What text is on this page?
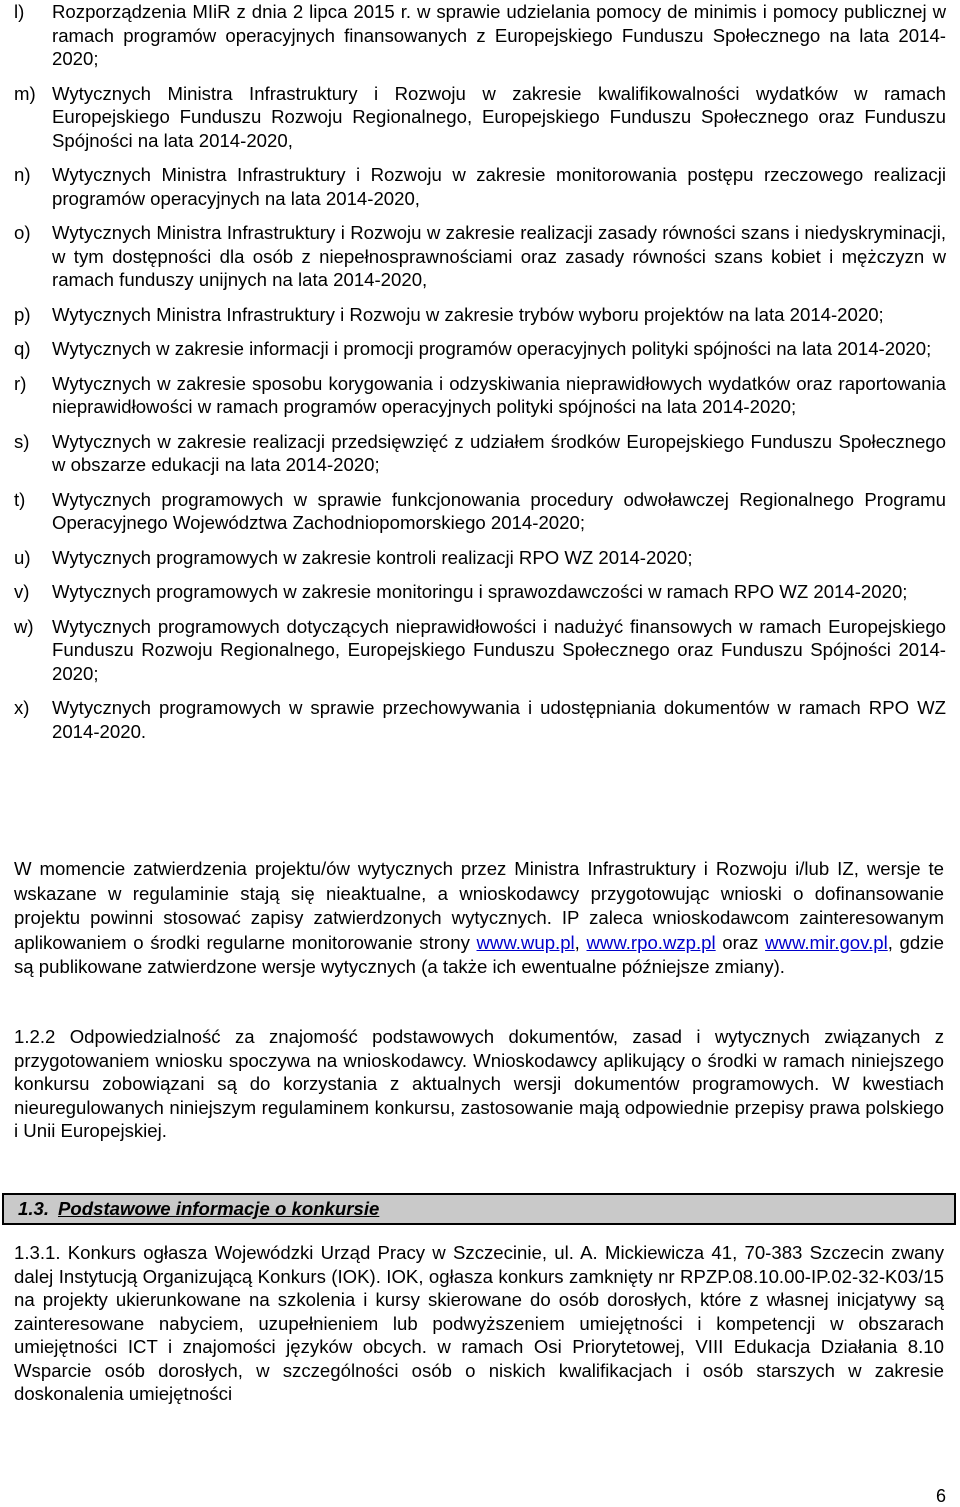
l) Rozporządzenia MIiR z dnia 2 lipca 2015 r. w sprawie udzielania pomocy de minimis i pomocy publicznej w ramach programów operacyjnych finansowanych z Europejskiego Funduszu Społecznego na lata 2014-2020;
m) Wytycznych Ministra Infrastruktury i Rozwoju w zakresie kwalifikowalności wydatków w ramach Europejskiego Funduszu Rozwoju Regionalnego, Europejskiego Funduszu Społecznego oraz Funduszu Spójności na lata 2014-2020,
n) Wytycznych Ministra Infrastruktury i Rozwoju w zakresie monitorowania postępu rzeczowego realizacji programów operacyjnych na lata 2014-2020,
o) Wytycznych Ministra Infrastruktury i Rozwoju w zakresie realizacji zasady równości szans i niedyskryminacji, w tym dostępności dla osób z niepełnosprawnościami oraz zasady równości szans kobiet i mężczyzn w ramach funduszy unijnych na lata 2014-2020,
p) Wytycznych Ministra Infrastruktury i Rozwoju w zakresie trybów wyboru projektów na lata 2014-2020;
q) Wytycznych w zakresie informacji i promocji programów operacyjnych polityki spójności na lata 2014-2020;
r) Wytycznych w zakresie sposobu korygowania i odzyskiwania nieprawidłowych wydatków oraz raportowania nieprawidłowości w ramach programów operacyjnych polityki spójności na lata 2014-2020;
s) Wytycznych w zakresie realizacji przedsięwzięć z udziałem środków Europejskiego Funduszu Społecznego w obszarze edukacji na lata 2014-2020;
t) Wytycznych programowych w sprawie funkcjonowania procedury odwoławczej Regionalnego Programu Operacyjnego Województwa Zachodniopomorskiego 2014-2020;
u) Wytycznych programowych w zakresie kontroli realizacji RPO WZ 2014-2020;
v) Wytycznych programowych w zakresie monitoringu i sprawozdawczości w ramach RPO WZ 2014-2020;
w) Wytycznych programowych dotyczących nieprawidłowości i nadużyć finansowych w ramach Europejskiego Funduszu Rozwoju Regionalnego, Europejskiego Funduszu Społecznego oraz Funduszu Spójności 2014-2020;
x) Wytycznych programowych w sprawie przechowywania i udostępniania dokumentów w ramach RPO WZ 2014-2020.

W momencie zatwierdzenia projektu/ów wytycznych przez Ministra Infrastruktury i Rozwoju i/lub IZ, wersje te wskazane w regulaminie stają się nieaktualne, a wnioskodawcy przygotowując wnioski o dofinansowanie projektu powinni stosować zapisy zatwierdzonych wytycznych. IP zaleca wnioskodawcom zainteresowanym aplikowaniem o środki regularne monitorowanie strony www.wup.pl, www.rpo.wzp.pl oraz www.mir.gov.pl, gdzie są publikowane zatwierdzone wersje wytycznych (a także ich ewentualne późniejsze zmiany).

1.2.2 Odpowiedzialność za znajomość podstawowych dokumentów, zasad i wytycznych związanych z przygotowaniem wniosku spoczywa na wnioskodawcy. Wnioskodawcy aplikujący o środki w ramach niniejszego konkursu zobowiązani są do korzystania z aktualnych wersji dokumentów programowych. W kwestiach nieuregulowanych niniejszym regulaminem konkursu, zastosowanie mają odpowiednie przepisy prawa polskiego i Unii Europejskiej.

1.3. Podstawowe informacje o konkursie

1.3.1. Konkurs ogłasza Wojewódzki Urząd Pracy w Szczecinie, ul. A. Mickiewicza 41, 70-383 Szczecin zwany dalej Instytucją Organizującą Konkurs (IOK). IOK, ogłasza konkurs zamknięty nr RPZP.08.10.00-IP.02-32-K03/15 na projekty ukierunkowane na szkolenia i kursy skierowane do osób dorosłych, które z własnej inicjatywy są zainteresowane nabyciem, uzupełnieniem lub podwyższeniem umiejętności i kompetencji w obszarach umiejętności ICT i znajomości języków obcych. w ramach Osi Priorytetowej, VIII Edukacja Działania 8.10 Wsparcie osób dorosłych, w szczególności osób o niskich kwalifikacjach i osób starszych w zakresie doskonalenia umiejętności

6
